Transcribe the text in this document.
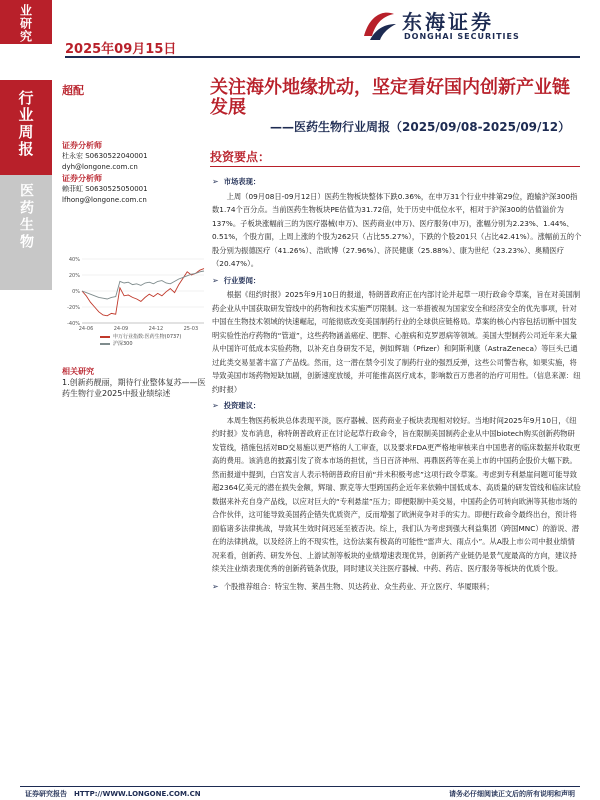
业研究
行业周报
医药生物
2025年09月15日
东海证券
DONGHAI SECURITIES
超配	关注海外地缘扰动，坚定看好国内创新产业链发展
——医药生物行业周报（2025/09/08-2025/09/12）
证券分析师
杜永宏 S0630522040001
dyh@longone.com.cn
证券分析师
赖菲虹 S0630525050001
lfhong@longone.com.cn
-40%
-20%
0%
20%
40%
24-06	24-09	24-12	25-03
申万行业指数:医药生物(0737)
沪深300
相关研究
1.创新药靓丽，期待行业整体复苏——医药生物行业2025中报业绩综述
投资要点：
➢ 市场表现：
上周（09月08日-09月12日）医药生物板块整体下跌0.36%，在申万31个行业中排第29位，跑输沪深300指数1.74个百分点。当前医药生物板块PE估值为31.72倍，处于历史中低位水平，相对于沪深300的估值溢价为137%。子板块涨幅前三的为医疗器械(申万)、医药商业(申万)、医疗服务(申万)，涨幅分别为2.23%、1.44%、0.51%，个股方面，上周上涨的个股为262只（占比55.27%），下跌的个股201只（占比42.41%）。涨幅前五的个股分别为振德医疗（41.26%）、浩欧博（27.96%）、济民健康（25.88%）、康为世纪（23.23%）、奥精医疗（20.47%）。
➢ 行业要闻：
根据《纽约时报》2025年9月10日的报道，特朗普政府正在内部讨论并起草一项行政命令草案，旨在对美国制药企业从中国获取研发管线中的药物和技术实施严厉限制。这一举措被视为国家安全和经济安全的优先事项，针对中国在生物技术领域的快速崛起，可能彻底改变美国制药行业的全球供应链格局。草案的核心内容包括切断中国发明实验性治疗药物的“管道”，这些药物涵盖癌症、肥胖、心脏病和克罗恩病等领域。美国大型制药公司近年来大量从中国许可低成本实验药物，以补充自身研发不足，例如辉瑞（Pfizer）和阿斯利康（AstraZeneca）等巨头已通过此类交易显著丰富了产品线。然而，这一潜在禁令引发了制药行业的强烈反弹，这些公司警告称，如果实施，将导致美国市场药物短缺加剧，创新速度放缓，并可能推高医疗成本，影响数百万患者的治疗可用性。（信息来源：纽约时报）
➢ 投资建议：
本周生物医药板块总体表现平淡，医疗器械、医药商业子板块表现相对较好。当地时间2025年9月10日，《纽约时报》发布消息，称特朗普政府正在讨论起草行政命令，旨在限制美国制药企业从中国biotech购买创新药物研发管线，措施包括对BD交易施以更严格的人工审查，以及要求FDA更严格地审核来自中国患者的临床数据并收取更高的费用。该消息的披露引发了资本市场的担忧，当日百济神州、再鼎医药等在美上市的中国药企股价大幅下跌。然而报道中提到，白宫发言人表示特朗普政府目前“并未积极考虑”这项行政令草案。考虑到专利悬崖问题可能导致超2364亿美元的潜在损失金额，辉瑞、默克等大型跨国药企近年来依赖中国低成本、高质量的研发管线和临床试验数据来补充自身产品线，以应对巨大的“专利悬崖”压力；即便限制中美交易，中国药企仍可转向欧洲等其他市场的合作伙伴，这可能导致美国药企错失优质资产，反而增强了欧洲竞争对手的实力。即便行政命令最终出台，预计将面临诸多法律挑战，导致其生效时间迟延至被否决。综上，我们认为考虑到强大利益集团（跨国MNC）的游说、潜在的法律挑战，以及经济上的不现实性，这份法案有极高的可能性“雷声大、雨点小”。从A股上市公司中报业绩情况来看，创新药、研发外包、上游试剂等板块的业绩增速表现优异，创新药产业链仍是景气度最高的方向，建议持续关注业绩表现优秀的创新药链条优股，同时建议关注医疗器械、中药、药店、医疗服务等板块的优质个股。
➢ 个股推荐组合：特宝生物、莱昌生物、贝达药业、众生药业、开立医疗、华厦眼科；
证券研究报告　HTTP://WWW.LONGONE.COM.CN	请务必仔细阅读正文后的所有说明和声明
